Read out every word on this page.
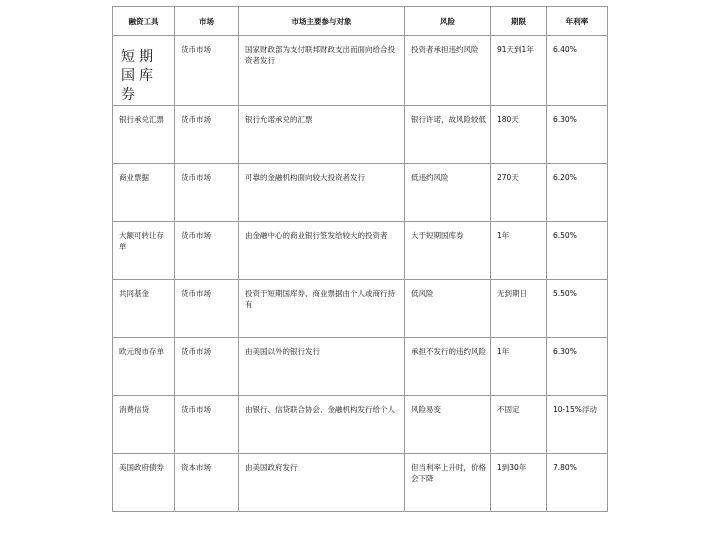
融资工具	市场	市场主要参与对象	风险	期限	年利率
短期国库券	货币市场	国家财政部为支付联邦财政支出而面向给合投资者发行	投资者承担违约风险	91天到1年	6.40%
银行承兑汇票	货币市场	银行允诺承兑的汇票	银行许诺，故风险较低	180天	6.30%
商业票据	货币市场	可靠的金融机构面向较大投资者发行	低违约风险	270天	6.20%
大额可转让存单	货币市场	由金融中心的商业银行签发给较大的投资者	大于短期国库券	1年	6.50%
共同基金	货币市场	投资于短期国库券、商业票据由个人或商行持有	低风险	无到期日	5.50%
欧元现市存单	货币市场	由美国以外的银行发行	承担不发行的违约风险	1年	6.30%
消费信贷	货币市场	由银行、信贷联合协会、金融机构发行给个人	风险易变	不固定	10-15%浮动
美国政府债券	资本市场	由美国政府发行	但当利率上升时，价格会下降	1到30年	7.80%
